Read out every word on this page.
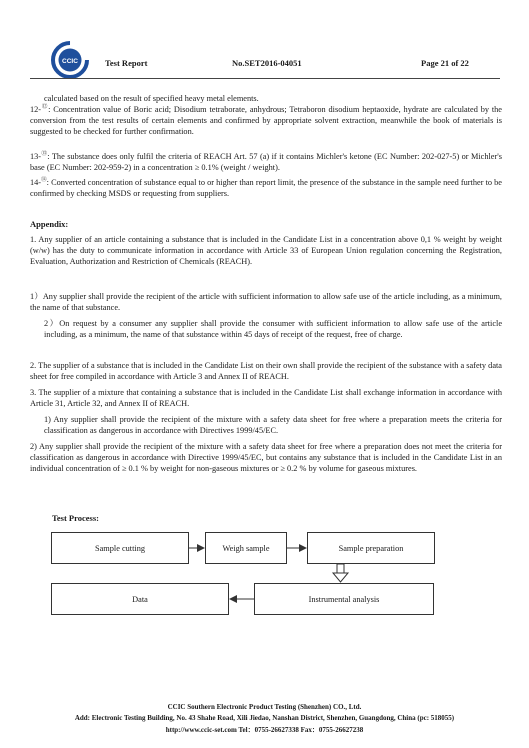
CCIC	Test Report	No.SET2016-04051	Page 21 of 22
calculated based on the result of specified heavy metal elements.
12-⑫: Concentration value of Boric acid; Disodium tetraborate, anhydrous; Tetraboron disodium heptaoxide, hydrate are calculated by the conversion from the test results of certain elements and confirmed by appropriate solvent extraction, meanwhile the book of materials is suggested to be checked for further confirmation.
13-⑬: The substance does only fulfil the criteria of REACH Art. 57 (a) if it contains Michler's ketone (EC Number: 202-027-5) or Michler's base (EC Number: 202-959-2) in a concentration ≥ 0.1% (weight / weight).
14-⑭: Converted concentration of substance equal to or higher than report limit, the presence of the substance in the sample need further to be confirmed by checking MSDS or requesting from suppliers.
Appendix:
1. Any supplier of an article containing a substance that is included in the Candidate List in a concentration above 0,1 % weight by weight (w/w) has the duty to communicate information in accordance with Article 33 of European Union regulation concerning the Registration, Evaluation, Authorization and Restriction of Chemicals (REACH).
1）Any supplier shall provide the recipient of the article with sufficient information to allow safe use of the article including, as a minimum, the name of that substance.
2）On request by a consumer any supplier shall provide the consumer with sufficient information to allow safe use of the article including, as a minimum, the name of that substance within 45 days of receipt of the request, free of charge.
2. The supplier of a substance that is included in the Candidate List on their own shall provide the recipient of the substance with a safety data sheet for free compiled in accordance with Article 3 and Annex II of REACH.
3. The supplier of a mixture that containing a substance that is included in the Candidate List shall exchange information in accordance with Article 31, Article 32, and Annex II of REACH.
1) Any supplier shall provide the recipient of the mixture with a safety data sheet for free where a preparation meets the criteria for classification as dangerous in accordance with Directives 1999/45/EC.
2) Any supplier shall provide the recipient of the mixture with a safety data sheet for free where a preparation does not meet the criteria for classification as dangerous in accordance with Directive 1999/45/EC, but contains any substance that is included in the Candidate List in an individual concentration of ≥ 0.1 % by weight for non-gaseous mixtures or ≥ 0.2 % by volume for gaseous mixtures.
Test Process:
Sample cutting	Weigh sample	Sample preparation
Instrumental analysis
Data
CCIC Southern Electronic Product Testing (Shenzhen) CO., Ltd.
Add: Electronic Testing Building, No. 43 Shahe Road, Xili Jiedao, Nanshan District, Shenzhen, Guangdong, China (pc: 518055)
http://www.ccic-set.com Tel：0755-26627338 Fax：0755-26627238
